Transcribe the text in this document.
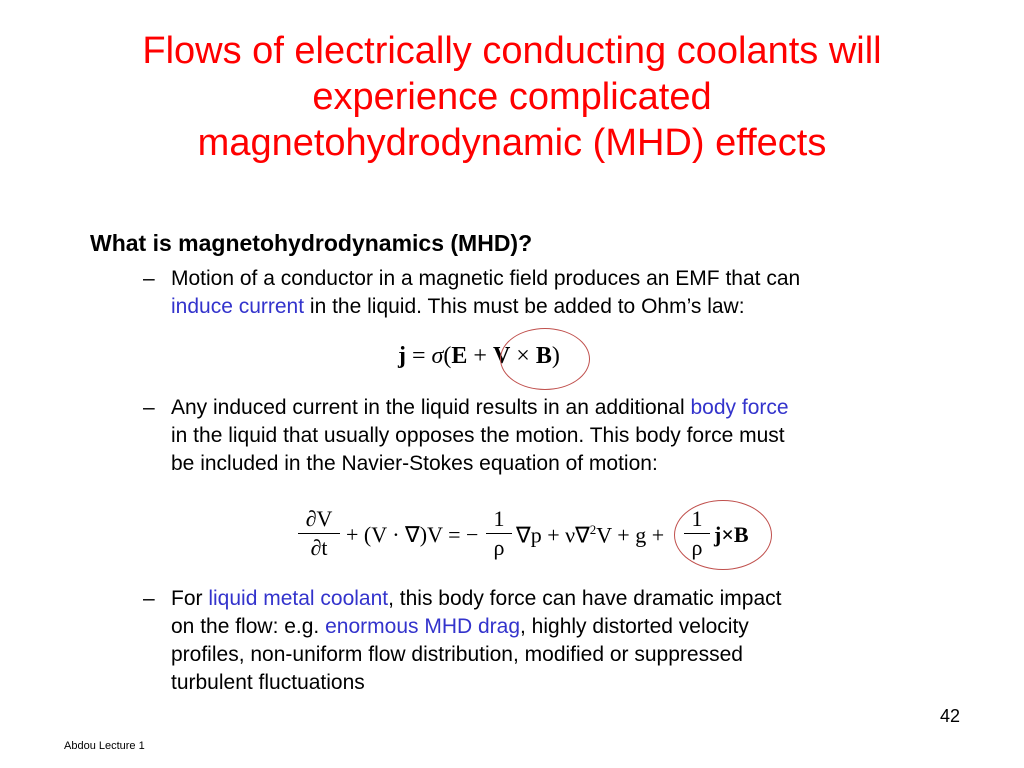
Flows of electrically conducting coolants will
experience complicated
magnetohydrodynamic (MHD) effects
What is magnetohydrodynamics (MHD)?
– Motion of a conductor in a magnetic field produces an EMF that can
induce current in the liquid. This must be added to Ohm’s law:
j = σ(E + V × B)
– Any induced current in the liquid results in an additional body force
in the liquid that usually opposes the motion. This body force must
be included in the Navier-Stokes equation of motion:
∂V
∂t
+ (V · ∇)V = −
1
ρ
∇p + ν∇$^2$V + g +
1
ρ
j×B
– For liquid metal coolant, this body force can have dramatic impact
on the flow: e.g. enormous MHD drag, highly distorted velocity
profiles, non-uniform flow distribution, modified or suppressed
turbulent fluctuations
42
Abdou Lecture 1
